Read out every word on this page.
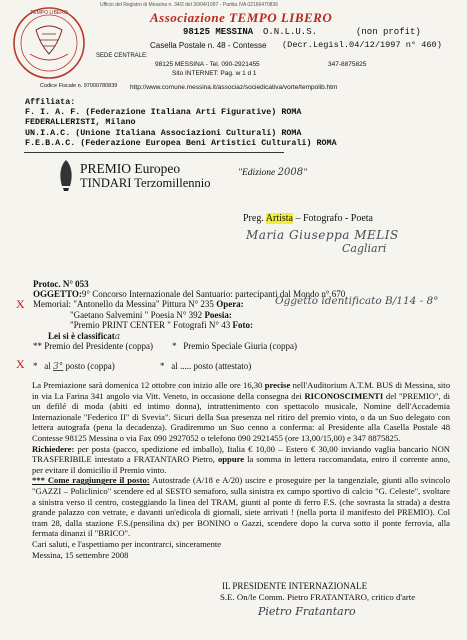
TEMPO LIBERO
Ufficio del Registro di Messina n. 34/2 del 30/04/1997 - Partita IVA 02166470836
Associazione TEMPO LIBERO
98125 MESSINA O.N.L.U.S.	(non profit)
Casella Postale n. 48 - Contesse (Decr.Legisl.04/12/1997 n° 460)
SEDE CENTRALE:
98125 MESSINA - Tel. 090-2921455	347-8875825
Sito INTERNET: Pag. w 1 d 1
Codice Fiscale n. 97000780839 http://www.comune.messina.it/associaz/sociedicativa/vorte/tempolib.htm
Affiliata:
F. I. A. F. (Federazione Italiana Arti Figurative) ROMA
FEDERALLERISTI, Milano
UN.I.A.C. (Unione Italiana Associazioni Culturali) ROMA
F.E.B.A.C. (Federazione Europea Beni Artistici Culturali) ROMA
PREMIO Europeo
TINDARI Terzomillennio
"Edizione 2008"
Preg. Artista – Fotografo - Poeta
Maria Giuseppa MELIS
Cagliari
Protoc. N° 053
OGGETTO:9° Concorso Internazionale del Santuario: partecipanti dal Mondo n° 670
X Memorial: "Antonello da Messina" Pittura N° 235 Opera:	Oggetto identificato B/114 - 8°
"Gaetano Salvemini " Poesia N° 392 Poesia:
"Premio PRINT CENTER " Fotografi N° 43 Foto:
Lei si è classificata
** Premio del Presidente (coppa) * Premio Speciale Giuria (coppa)
X * al 3° posto (coppa)	* al ..... posto (attestato)
La Premiazione sarà domenica 12 ottobre con inizio alle ore 16,30 precise nell'Auditorium A.T.M. BUS di Messina, sito in via La Farina 341 angolo via Vitt. Veneto, in occasione della consegna dei RICONOSCIMENTI del "PREMIO", di un defilé di moda (abiti ed intimo donna), intrattenimento con spettacolo musicale, Nomine dell'Accademia Internazionale "Federico II" di Svevia". Sicuri della Sua presenza nel ritiro del premio vinto, o da un Suo delegato con lettera autografa (pena la decadenza). Gradiremmo un Suo cenno a conferma: al Presidente alla Casella Postale 48 Contesse 98125 Messina o via Fax 090 2927052 o telefono 090 2921455 (ore 13,00/15,00) e 347 8875825.
Richiedere: per posta (pacco, spedizione ed imballo), Italia € 10,00 – Estero € 30,00 inviando vaglia bancario NON TRASFERIBILE intestato a FRATANTARO Pietro, oppure la somma in lettera raccomandata, entro il corrente anno, per evitare il domicilio il Premio vinto.
*** Come raggiungere il posto: Autostrade (A/18 e A/20) uscire e proseguire per la tangenziale, giunti allo svincolo "GAZZI – Policlinico" scendere ed al SESTO semaforo, sulla sinistra ex campo sportivo di calcio "G. Celeste", svoltare a sinistra verso il centro, costeggiando la linea del TRAM, giunti al ponte di ferro F.S. (che sovrasta la strada) a destra grande palazzo con vetrate, e davanti un'edicola di giornali, siete arrivati ! (nella porta il manifesto del PREMIO). Col tram 28, dalla stazione F.S.(pensilina dx) per BONINO o Gazzi, scendere dopo la curva sotto il ponte ferrovia, alla fermata dinanzi il "BRICO".
Cari saluti, e l'aspettiamo per incontrarci, sinceramente
Messina, 15 settembre 2008
IL PRESIDENTE INTERNAZIONALE
S.E. On/le Comm. Pietro FRATANTARO, critico d'arte
Pietro Fratantaro
